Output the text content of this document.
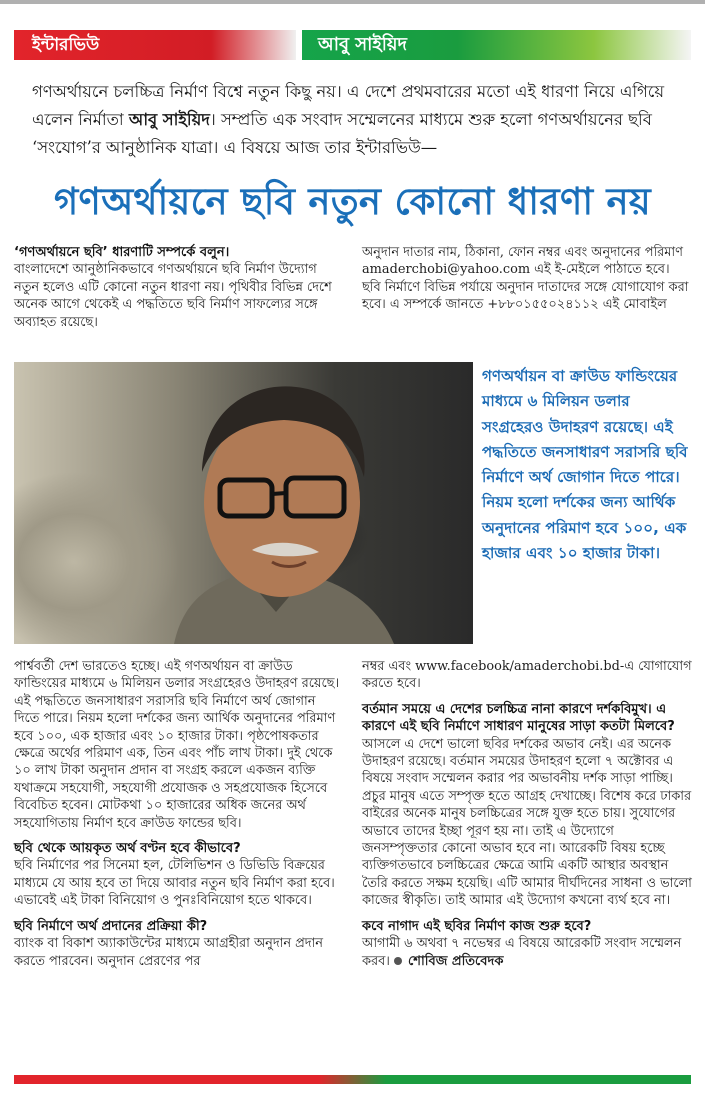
ইন্টারভিউ	আবু সাইয়িদ
গণঅর্থায়নে চলচ্চিত্র নির্মাণ বিশ্বে নতুন কিছু নয়। এ দেশে প্রথমবারের মতো এই ধারণা নিয়ে এগিয়ে এলেন নির্মাতা আবু সাইয়িদ। সম্প্রতি এক সংবাদ সম্মেলনের মাধ্যমে শুরু হলো গণঅর্থায়নের ছবি ‘সংযোগ’র আনুষ্ঠানিক যাত্রা। এ বিষয়ে আজ তার ইন্টারভিউ—
গণঅর্থায়নে ছবি নতুন কোনো ধারণা নয়

‘গণঅর্থায়নে ছবি’ ধারণাটি সম্পর্কে বলুন।

বাংলাদেশে আনুষ্ঠানিকভাবে গণঅর্থায়নে ছবি নির্মাণ উদ্যোগ নতুন হলেও এটি কোনো নতুন ধারণা নয়। পৃথিবীর বিভিন্ন দেশে অনেক আগে থেকেই এ পদ্ধতিতে ছবি নির্মাণ সাফল্যের সঙ্গে অব্যাহত রয়েছে।

অনুদান দাতার নাম, ঠিকানা, ফোন নম্বর এবং অনুদানের পরিমাণ amaderchobi@yahoo.com এই ই-মেইলে পাঠাতে হবে। ছবি নির্মাণে বিভিন্ন পর্যায়ে অনুদান দাতাদের সঙ্গে যোগাযোগ করা হবে। এ সম্পর্কে জানতে +৮৮০১৫৫০২৪১১২ এই মোবাইল

গণঅর্থায়ন বা ক্রাউড ফান্ডিংয়ের মাধ্যমে ৬ মিলিয়ন ডলার সংগ্রহেরও উদাহরণ রয়েছে। এই পদ্ধতিতে জনসাধারণ সরাসরি ছবি নির্মাণে অর্থ জোগান দিতে পারে। নিয়ম হলো দর্শকের জন্য আর্থিক অনুদানের পরিমাণ হবে ১০০, এক হাজার এবং ১০ হাজার টাকা।

পার্শ্ববর্তী দেশ ভারতেও হচ্ছে। এই গণঅর্থায়ন বা ক্রাউড ফান্ডিংয়ের মাধ্যমে ৬ মিলিয়ন ডলার সংগ্রহেরও উদাহরণ রয়েছে। এই পদ্ধতিতে জনসাধারণ সরাসরি ছবি নির্মাণে অর্থ জোগান দিতে পারে। নিয়ম হলো দর্শকের জন্য আর্থিক অনুদানের পরিমাণ হবে ১০০, এক হাজার এবং ১০ হাজার টাকা। পৃষ্ঠপোষকতার ক্ষেত্রে অর্থের পরিমাণ এক, তিন এবং পাঁচ লাখ টাকা। দুই থেকে ১০ লাখ টাকা অনুদান প্রদান বা সংগ্রহ করলে একজন ব্যক্তি যথাক্রমে সহযোগী, সহযোগী প্রযোজক ও সহপ্রযোজক হিসেবে বিবেচিত হবেন। মোটকথা ১০ হাজারের অধিক জনের অর্থ সহযোগিতায় নির্মাণ হবে ক্রাউড ফান্ডের ছবি।

ছবি থেকে আয়কৃত অর্থ বণ্টন হবে কীভাবে?

ছবি নির্মাণের পর সিনেমা হল, টেলিভিশন ও ডিভিডি বিক্রয়ের মাধ্যমে যে আয় হবে তা দিয়ে আবার নতুন ছবি নির্মাণ করা হবে। এভাবেই এই টাকা বিনিয়োগ ও পুনঃবিনিয়োগ হতে থাকবে।

ছবি নির্মাণে অর্থ প্রদানের প্রক্রিয়া কী?

ব্যাংক বা বিকাশ অ্যাকাউন্টের মাধ্যমে আগ্রহীরা অনুদান প্রদান করতে পারবেন। অনুদান প্রেরণের পর

নম্বর এবং www.facebook/amaderchobi.bd-এ যোগাযোগ করতে হবে।

বর্তমান সময়ে এ দেশের চলচ্চিত্র নানা কারণে দর্শকবিমুখ। এ কারণে এই ছবি নির্মাণে সাধারণ মানুষের সাড়া কতটা মিলবে?

আসলে এ দেশে ভালো ছবির দর্শকের অভাব নেই। এর অনেক উদাহরণ রয়েছে। বর্তমান সময়ের উদাহরণ হলো ৭ অক্টোবর এ বিষয়ে সংবাদ সম্মেলন করার পর অভাবনীয় দর্শক সাড়া পাচ্ছি। প্রচুর মানুষ এতে সম্পৃক্ত হতে আগ্রহ দেখাচ্ছে। বিশেষ করে ঢাকার বাইরের অনেক মানুষ চলচ্চিত্রের সঙ্গে যুক্ত হতে চায়। সুযোগের অভাবে তাদের ইচ্ছা পূরণ হয় না। তাই এ উদ্যোগে জনসম্পৃক্ততার কোনো অভাব হবে না। আরেকটি বিষয় হচ্ছে ব্যক্তিগতভাবে চলচ্চিত্রের ক্ষেত্রে আমি একটি আস্থার অবস্থান তৈরি করতে সক্ষম হয়েছি। এটি আমার দীর্ঘদিনের সাধনা ও ভালো কাজের স্বীকৃতি। তাই আমার এই উদ্যোগ কখনো ব্যর্থ হবে না।

কবে নাগাদ এই ছবির নির্মাণ কাজ শুরু হবে?

আগামী ৬ অথবা ৭ নভেম্বর এ বিষয়ে আরেকটি সংবাদ সম্মেলন করব। শোবিজ প্রতিবেদক
